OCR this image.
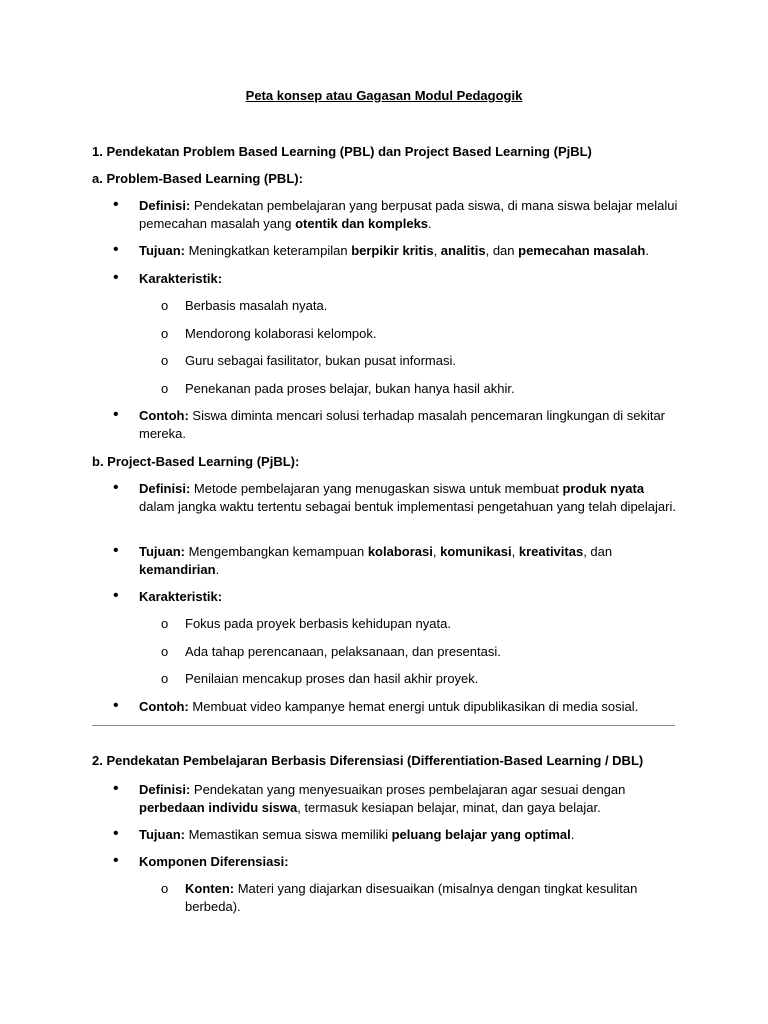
Peta konsep atau Gagasan Modul Pedagogik
1. Pendekatan Problem Based Learning (PBL) dan Project Based Learning (PjBL)
a. Problem-Based Learning (PBL):
• Definisi: Pendekatan pembelajaran yang berpusat pada siswa, di mana siswa belajar melalui pemecahan masalah yang otentik dan kompleks.
• Tujuan: Meningkatkan keterampilan berpikir kritis, analitis, dan pemecahan masalah.
• Karakteristik:
o Berbasis masalah nyata.
o Mendorong kolaborasi kelompok.
o Guru sebagai fasilitator, bukan pusat informasi.
o Penekanan pada proses belajar, bukan hanya hasil akhir.
• Contoh: Siswa diminta mencari solusi terhadap masalah pencemaran lingkungan di sekitar mereka.
b. Project-Based Learning (PjBL):
• Definisi: Metode pembelajaran yang menugaskan siswa untuk membuat produk nyata dalam jangka waktu tertentu sebagai bentuk implementasi pengetahuan yang telah dipelajari.
• Tujuan: Mengembangkan kemampuan kolaborasi, komunikasi, kreativitas, dan kemandirian.
• Karakteristik:
o Fokus pada proyek berbasis kehidupan nyata.
o Ada tahap perencanaan, pelaksanaan, dan presentasi.
o Penilaian mencakup proses dan hasil akhir proyek.
• Contoh: Membuat video kampanye hemat energi untuk dipublikasikan di media sosial.
2. Pendekatan Pembelajaran Berbasis Diferensiasi (Differentiation-Based Learning / DBL)
• Definisi: Pendekatan yang menyesuaikan proses pembelajaran agar sesuai dengan perbedaan individu siswa, termasuk kesiapan belajar, minat, dan gaya belajar.
• Tujuan: Memastikan semua siswa memiliki peluang belajar yang optimal.
• Komponen Diferensiasi:
o Konten: Materi yang diajarkan disesuaikan (misalnya dengan tingkat kesulitan berbeda).
